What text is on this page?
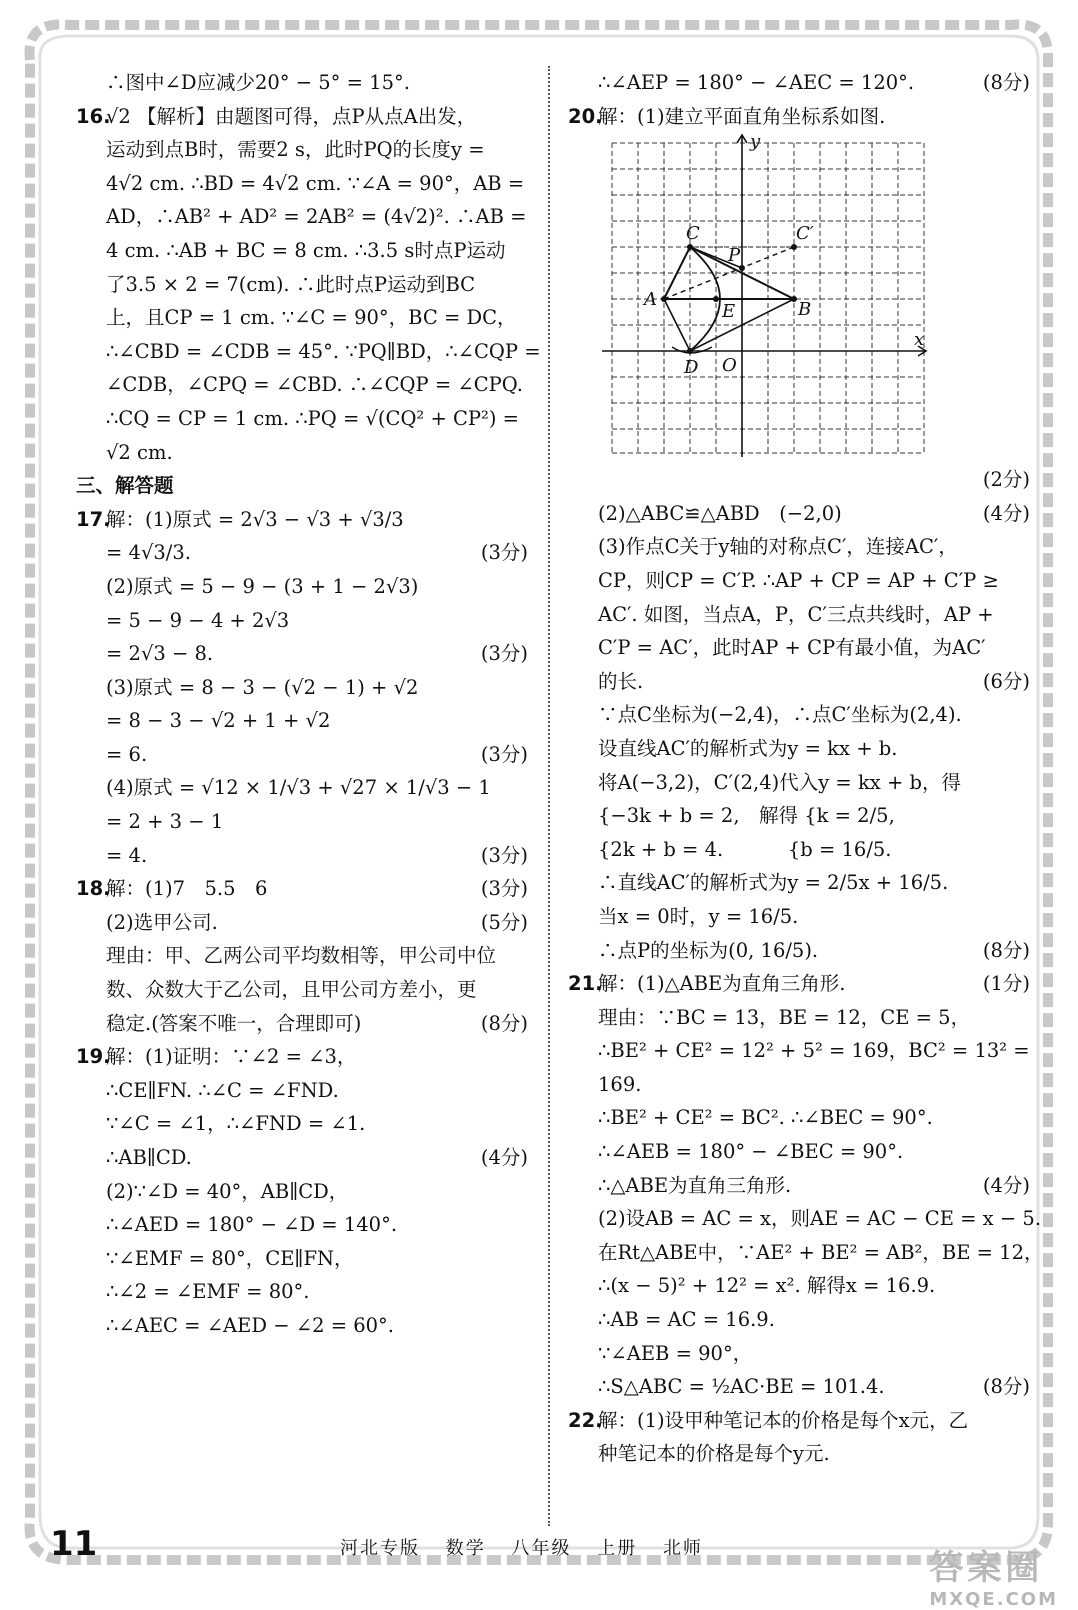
∴图中∠D应减少20° − 5° = 15°.
16.√2 【解析】由题图可得，点P从点A出发，
运动到点B时，需要2 s，此时PQ的长度y =
4√2 cm. ∴BD = 4√2 cm. ∵∠A = 90°，AB =
AD，∴AB² + AD² = 2AB² = (4√2)². ∴AB =
4 cm. ∴AB + BC = 8 cm. ∴3.5 s时点P运动
了3.5 × 2 = 7(cm). ∴此时点P运动到BC
上，且CP = 1 cm. ∵∠C = 90°，BC = DC，
∴∠CBD = ∠CDB = 45°. ∵PQ∥BD，∴∠CQP =
∠CDB，∠CPQ = ∠CBD. ∴∠CQP = ∠CPQ.
∴CQ = CP = 1 cm. ∴PQ = √(CQ² + CP²) =
√2 cm.
三、解答题
17.解：(1)原式 = 2√3 − √3 + √3/3
= 4√3/3.	(3分)
(2)原式 = 5 − 9 − (3 + 1 − 2√3)
= 5 − 9 − 4 + 2√3
= 2√3 − 8.	(3分)
(3)原式 = 8 − 3 − (√2 − 1) + √2
= 8 − 3 − √2 + 1 + √2
= 6.	(3分)
(4)原式 = √12 × 1/√3 + √27 × 1/√3 − 1
= 2 + 3 − 1
= 4.	(3分)
18.解：(1)7　5.5　6	(3分)
(2)选甲公司.	(5分)
理由：甲、乙两公司平均数相等，甲公司中位
数、众数大于乙公司，且甲公司方差小，更
稳定.(答案不唯一，合理即可)	(8分)
19.解：(1)证明：∵∠2 = ∠3，
∴CE∥FN. ∴∠C = ∠FND.
∵∠C = ∠1，∴∠FND = ∠1.
∴AB∥CD.	(4分)
(2)∵∠D = 40°，AB∥CD，
∴∠AED = 180° − ∠D = 140°.
∵∠EMF = 80°，CE∥FN，
∴∠2 = ∠EMF = 80°.
∴∠AEC = ∠AED − ∠2 = 60°.
∴∠AEP = 180° − ∠AEC = 120°.	(8分)
20.解：(1)建立平面直角坐标系如图.
y
x
A	B
C	C′
P
E
D O
(2分)
(2)△ABC≌△ABD　(−2,0)	(4分)
(3)作点C关于y轴的对称点C′，连接AC′，
CP，则CP = C′P. ∴AP + CP = AP + C′P ≥
AC′. 如图，当点A，P，C′三点共线时，AP +
C′P = AC′，此时AP + CP有最小值，为AC′
的长.	(6分)
∵点C坐标为(−2,4)，∴点C′坐标为(2,4).
设直线AC′的解析式为y = kx + b.
将A(−3,2)，C′(2,4)代入y = kx + b，得
{−3k + b = 2,　解得 {k = 2/5,
{2k + b = 4.　　　 {b = 16/5.
∴直线AC′的解析式为y = 2/5x + 16/5.
当x = 0时，y = 16/5.
∴点P的坐标为(0, 16/5).	(8分)
21.解：(1)△ABE为直角三角形.	(1分)
理由：∵BC = 13，BE = 12，CE = 5，
∴BE² + CE² = 12² + 5² = 169，BC² = 13² =
169.
∴BE² + CE² = BC². ∴∠BEC = 90°.
∴∠AEB = 180° − ∠BEC = 90°.
∴△ABE为直角三角形.	(4分)
(2)设AB = AC = x，则AE = AC − CE = x − 5.
在Rt△ABE中，∵AE² + BE² = AB²，BE = 12，
∴(x − 5)² + 12² = x². 解得x = 16.9.
∴AB = AC = 16.9.
∵∠AEB = 90°，
∴S△ABC = ½AC·BE = 101.4.	(8分)
22.解：(1)设甲种笔记本的价格是每个x元，乙
种笔记本的价格是每个y元.
11	河北专版 数学 八年级 上册 北师	答案圈
MXQE.COM
